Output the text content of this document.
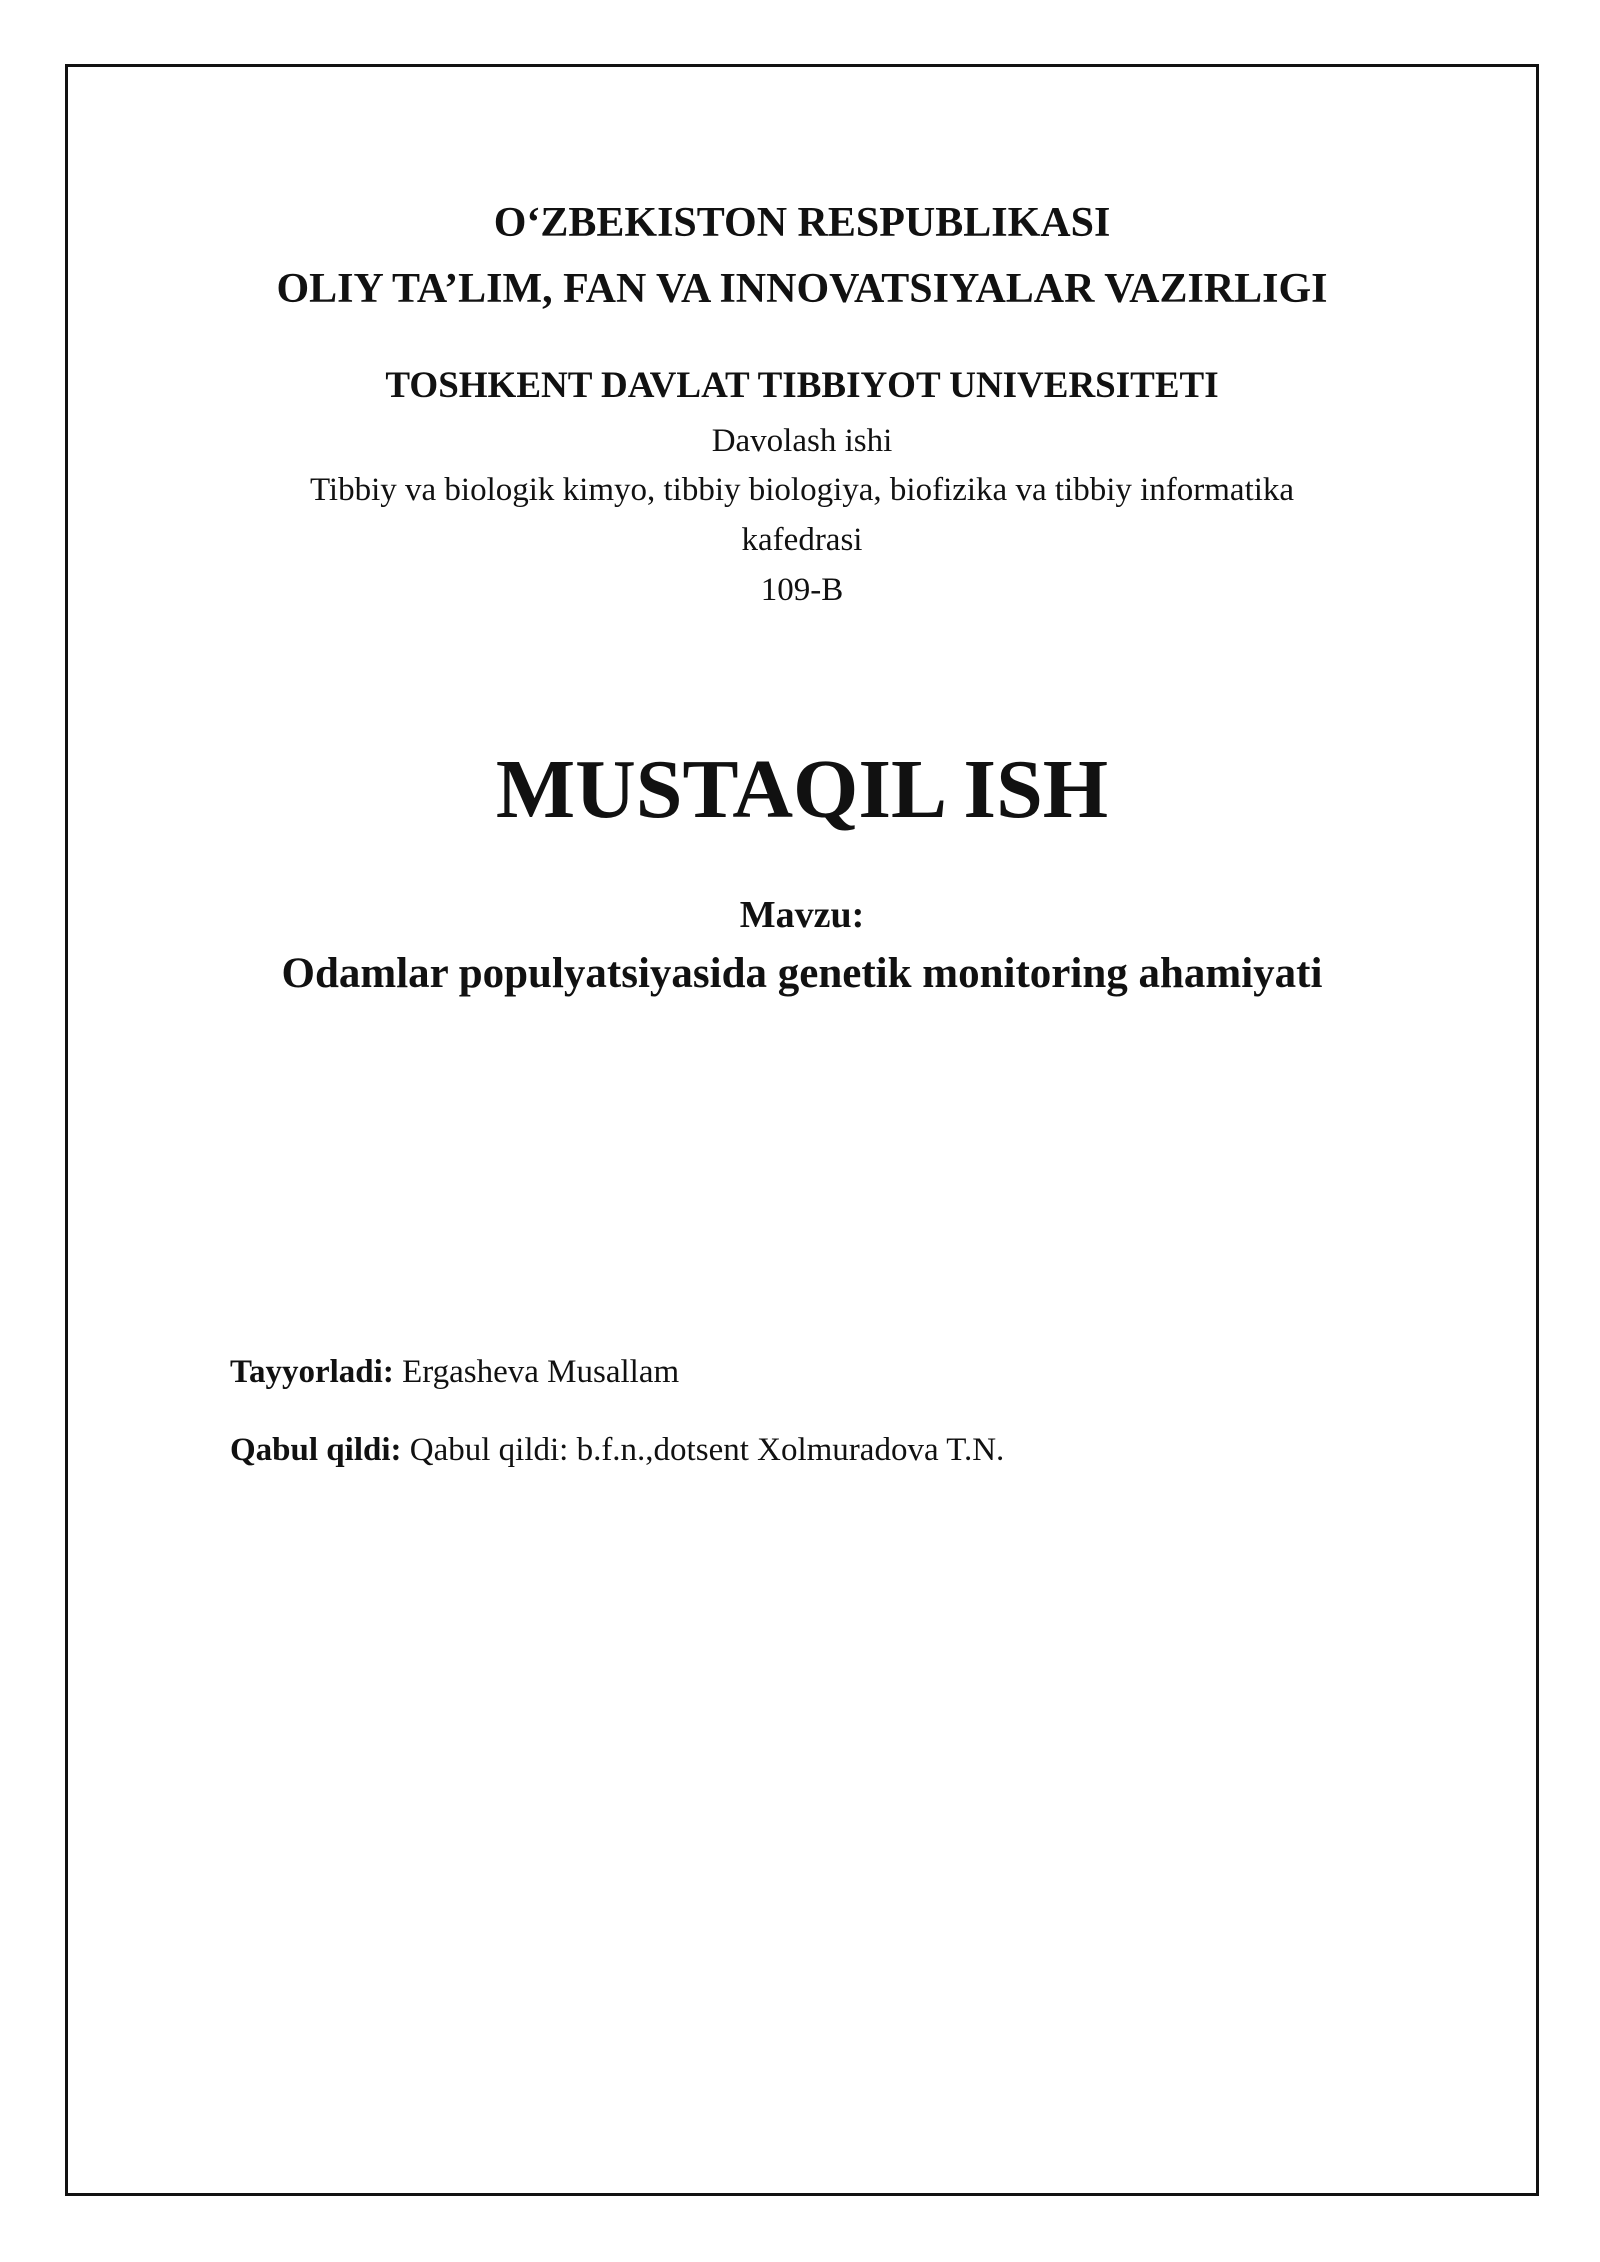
O‘ZBEKISTON RESPUBLIKASI
OLIY TA’LIM, FAN VA INNOVATSIYALAR VAZIRLIGI
TOSHKENT DAVLAT TIBBIYOT UNIVERSITETI
Davolash ishi
Tibbiy va biologik kimyo, tibbiy biologiya, biofizika va tibbiy informatika
kafedrasi
109-B
MUSTAQIL ISH
Mavzu:
Odamlar populyatsiyasida genetik monitoring ahamiyati
Tayyorladi: Ergasheva Musallam
Qabul qildi: Qabul qildi: b.f.n.,dotsent Xolmuradova T.N.
